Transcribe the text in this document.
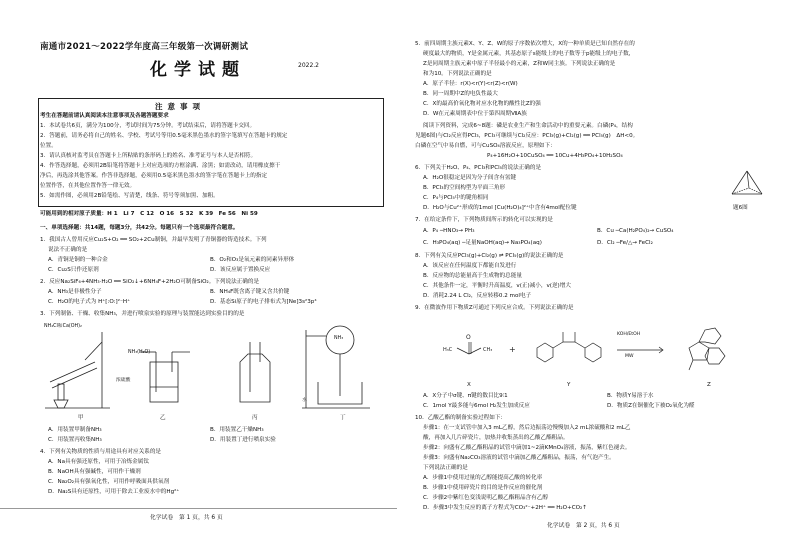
南通市2021～2022学年度高三年级第一次调研测试
化学试题	2022.2
注意事项
考生在答题前请认真阅读本注意事项及各题答题要求
1．本试卷共6页，满分为100分，考试时间为75分钟。考试结束后，请将答题卡交回。
2．答题前，请务必将自己的姓名、学校、考试号等用0.5毫米黑色墨水的签字笔填写在答题卡的规定
位置。
3．请认真核对监考员在答题卡上所粘贴的条形码上的姓名、准考证号与本人是否相符。
4．作答选择题，必须用2B铅笔将答题卡上对应选项的方框涂满、涂黑；如需改动，请用橡皮擦干
净后，再选涂其他答案。作答非选择题，必须用0.5毫米黑色墨水的签字笔在答题卡上的指定
位置作答，在其他位置作答一律无效。
5．如需作图，必须用2B铅笔绘、写清楚，线条、符号等须加黑、加粗。
可能用到的相对原子质量：H 1　Li 7　C 12　O 16　S 32　K 39　Fe 56　Ni 59
一、单项选择题：共14题，每题3分，共42分。每题只有一个选项最符合题意。
1．我国古人曾用反应Cu₂S+O₂ ══ SO₂+2Cu制铜，并最早发明了青铜器的铸造技术。下列
说法不正确的是
A．青铜是铜的一种合金	B．O₂和O₃是氧元素的同素异形体
C．Cu₂S只作还原剂	D．该反应属于置换反应
2．反应Na₂SiF₆+4NH₃·H₂O ══ SiO₂↓+6NH₄F+2H₂O可制备SiO₂。下列说法正确的是
A．NH₃是非极性分子	B．NH₄F既含离子键又含共价键
C．H₂O的电子式为 H⁺[:O:]²⁻H⁺	D．基态Si原子的电子排布式为[Ne]3s²3p⁴
3．下列制备、干燥、收集NH₃，并进行喷泉实验的原理与装置能达到实验目的的是
NH₄Cl和Ca(OH)₂
NH₃(H₂O)
浓硫酸
NH₃
水
甲	乙	丙	丁
A．用装置甲制备NH₃	B．用装置乙干燥NH₃
C．用装置丙收集NH₃	D．用装置丁进行喷泉实验
4．下列有关物质的性质与用途具有对应关系的是
A．Na具有强还原性，可用于冶炼金属钛
B．NaOH具有强碱性，可用作干燥剂
C．Na₂O₂具有强氧化性，可用作呼吸面具供氧剂
D．Na₂S具有还原性，可用于除去工业废水中的Hg²⁺
化学试卷　第 1 页，共 6 页
5．前四周期主族元素X、Y、Z、W的原子序数依次增大，X的一种单质是已知自然存在的
硬度最大的物质，Y是金属元素，其基态原子s能级上的电子数等于p能级上的电子数，
Z是同周期主族元素中原子半径最小的元素，Z和W同主族。下列说法正确的是
和为10。下列说法正确的是
A．原子半径：r(X)<r(Y)<r(Z)<r(W)
B．同一周期中Z的电负性最大
C．X的最高价氧化物对应水化物的酸性比Z的强
D．W在元素周期表中位于第四周期ⅦA族
阅读下列资料，完成6~8题：磷是农业生产和生命活动中的重要元素。白磷(P₄，结构
见题6图)与Cl₂反应得PCl₃，PCl₃可继续与Cl₂反应：PCl₃(g)+Cl₂(g) ══ PCl₅(g)　ΔH<0。
白磷在空气中易自燃，可与CuSO₄溶液反应，原理如下：
P₄+16H₂O+10CuSO₄ ══ 10Cu+4H₃PO₄+10H₂SO₄
6．下列关于H₂O、P₄、PCl₃和PCl₅的说法正确的是
A．H₂O很稳定是因为分子间含有氢键
B．PCl₃的空间构型为平面三角形
C．P₄与PCl₅中的键角相同
D．H₂O与Cu²⁺形成的1mol [Cu(H₂O)₄]²⁺中含有4mol配位键	题6图
7．在给定条件下，下列物质间所示的转化可以实现的是
A．P₄ ─HNO₃→ PH₃	B．Cu ─Ca(H₂PO₄)₂→ CuSO₄
C．H₃PO₄(aq) ─足量NaOH(aq)→ Na₃PO₄(aq)	D．Cl₂ ─Fe/△→ FeCl₂
8．下列有关反应PCl₃(g)+Cl₂(g) ⇌ PCl₅(g)的说法正确的是
A．该反应在任何温度下都能自发进行
B．反应物的总能量高于生成物的总能量
C．其他条件一定，平衡时升高温度，v(正)减小，v(逆)增大
D．消耗2.24 L Cl₂，反应转移0.2 mol电子
9．在微波作用下物质Z可通过下列反应合成。下列说法正确的是
O
H₃C	CH₃ +
KOH/EtOH
MW
X	Y	Z
A．X分子中σ键、π键的数目比9∶1	B．物质Y易溶于水
C．1mol Y最多能与6mol H₂发生加成反应	D．物质Z在铜催化下被O₂氧化为醛
10．乙酸乙酯的制备实验过程如下：
步骤1：在一支试管中加入3 mL乙醇，然后边振荡边慢慢加入2 mL浓硫酸和2 mL乙
酸，再加入几片碎瓷片，加热并收集蒸出的乙酸乙酯粗品。
步骤2：向盛有乙酸乙酯粗品的试管中滴加1~2滴KMnO₄溶液，振荡，紫红色褪去。
步骤3：向盛有Na₂CO₃溶液的试管中滴加乙酸乙酯粗品，振荡，有气泡产生。
下列说法正确的是
A．步骤1中使用过量的乙醇能提高乙酸的转化率
B．步骤1中使用碎瓷片的目的是作反应的催化剂
C．步骤2中紫红色变浅说明乙酸乙酯粗品含有乙醇
D．步骤3中发生反应的离子方程式为CO₃²⁻+2H⁺ ══ H₂O+CO₂↑
化学试卷　第 2 页，共 6 页
